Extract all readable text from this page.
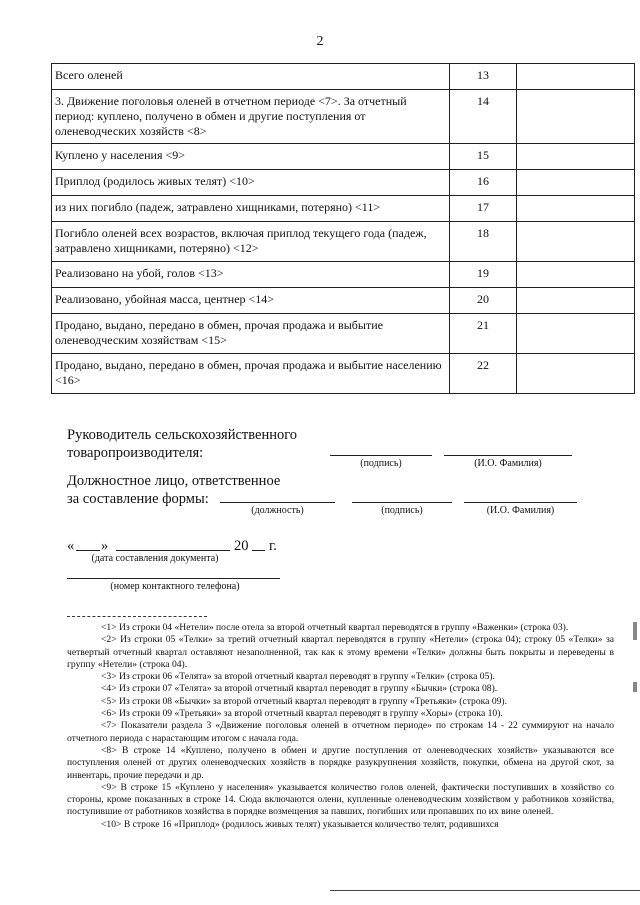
2
Всего оленей	13	
3. Движение поголовья оленей в отчетном периоде <7>. За отчетный период: куплено, получено в обмен и другие поступления от оленеводческих хозяйств <8>	14	
Куплено у населения <9>	15	
Приплод (родилось живых телят) <10>	16	
из них погибло (падеж, затравлено хищниками, потеряно) <11>	17	
Погибло оленей всех возрастов, включая приплод текущего года (падеж, затравлено хищниками, потеряно) <12>	18	
Реализовано на убой, голов <13>	19	
Реализовано, убойная масса, центнер <14>	20	
Продано, выдано, передано в обмен, прочая продажа и выбытие оленеводческим хозяйствам <15>	21	
Продано, выдано, передано в обмен, прочая продажа и выбытие населению <16>	22	
Руководитель сельскохозяйственного
товаропроизводителя:
(подпись)	(И.О. Фамилия)
Должностное лицо, ответственное
за составление формы:
(должность)	(подпись)	(И.О. Фамилия)
« »	20 г.
(дата составления документа)
(номер контактного телефона)

<1> Из строки 04 «Нетели» после отела за второй отчетный квартал переводятся в группу «Важенки» (строка 03).

<2> Из строки 05 «Телки» за третий отчетный квартал переводятся в группу «Нетели» (строка 04); строку 05 «Телки» за четвертый отчетный квартал оставляют незаполненной, так как к этому времени «Телки» должны быть покрыты и переведены в группу «Нетели» (строка 04).

<3> Из строки 06 «Телята» за второй отчетный квартал переводят в группу «Телки» (строка 05).

<4> Из строки 07 «Телята» за второй отчетный квартал переводят в группу «Бычки» (строка 08).

<5> Из строки 08 «Бычки» за второй отчетный квартал переводят в группу «Третьяки» (строка 09).

<6> Из строки 09 «Третьяки» за второй отчетный квартал переводят в группу «Хоры» (строка 10).

<7> Показатели раздела 3 «Движение поголовья оленей в отчетном периоде» по строкам 14 - 22 суммируют на начало отчетного периода с нарастающим итогом с начала года.

<8> В строке 14 «Куплено, получено в обмен и другие поступления от оленеводческих хозяйств» указываются все поступления оленей от других оленеводческих хозяйств в порядке разукрупнения хозяйств, покупки, обмена на другой скот, за инвентарь, прочие передачи и др.

<9> В строке 15 «Куплено у населения» указывается количество голов оленей, фактически поступивших в хозяйство со стороны, кроме показанных в строке 14. Сюда включаются олени, купленные оленеводческим хозяйством у работников хозяйства, поступившие от работников хозяйства в порядке возмещения за павших, погибших или пропавших по их вине оленей.

<10> В строке 16 «Приплод» (родилось живых телят) указывается количество телят, родившихся
